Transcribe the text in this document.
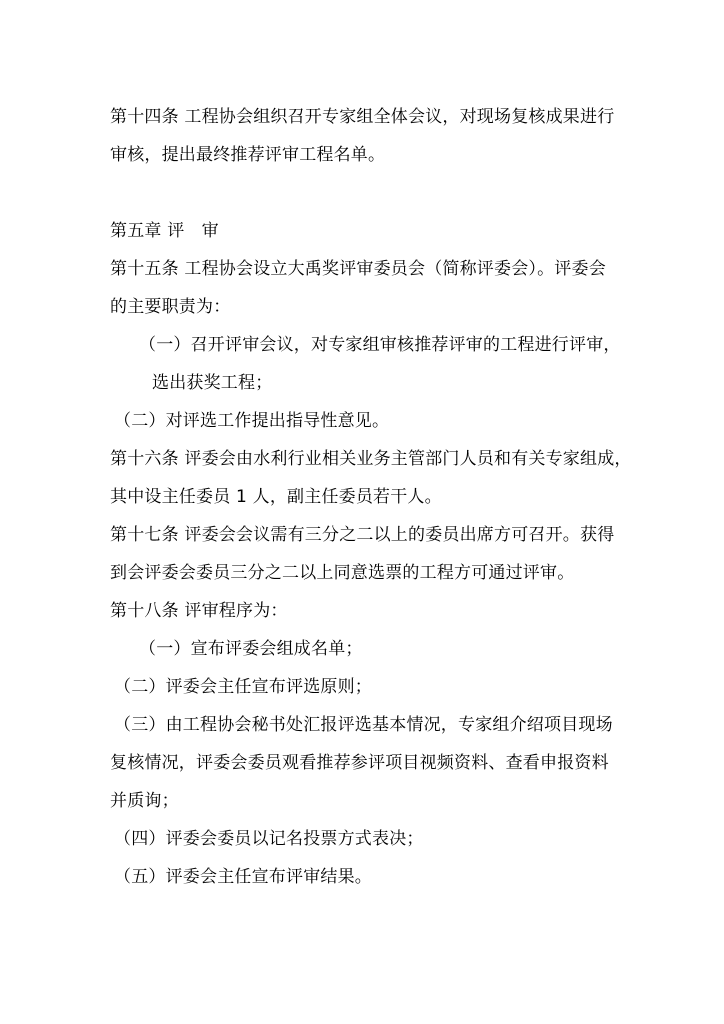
第十四条 工程协会组织召开专家组全体会议，对现场复核成果进行
审核，提出最终推荐评审工程名单。
第五章 评　审
第十五条 工程协会设立大禹奖评审委员会（简称评委会）。评委会
的主要职责为：
（一）召开评审会议，对专家组审核推荐评审的工程进行评审，
选出获奖工程；
（二）对评选工作提出指导性意见。
第十六条 评委会由水利行业相关业务主管部门人员和有关专家组成，
其中设主任委员 1 人，副主任委员若干人。
第十七条 评委会会议需有三分之二以上的委员出席方可召开。获得
到会评委会委员三分之二以上同意选票的工程方可通过评审。
第十八条 评审程序为：
（一）宣布评委会组成名单；
（二）评委会主任宣布评选原则；
（三）由工程协会秘书处汇报评选基本情况，专家组介绍项目现场
复核情况，评委会委员观看推荐参评项目视频资料、查看申报资料
并质询；
（四）评委会委员以记名投票方式表决；
（五）评委会主任宣布评审结果。
